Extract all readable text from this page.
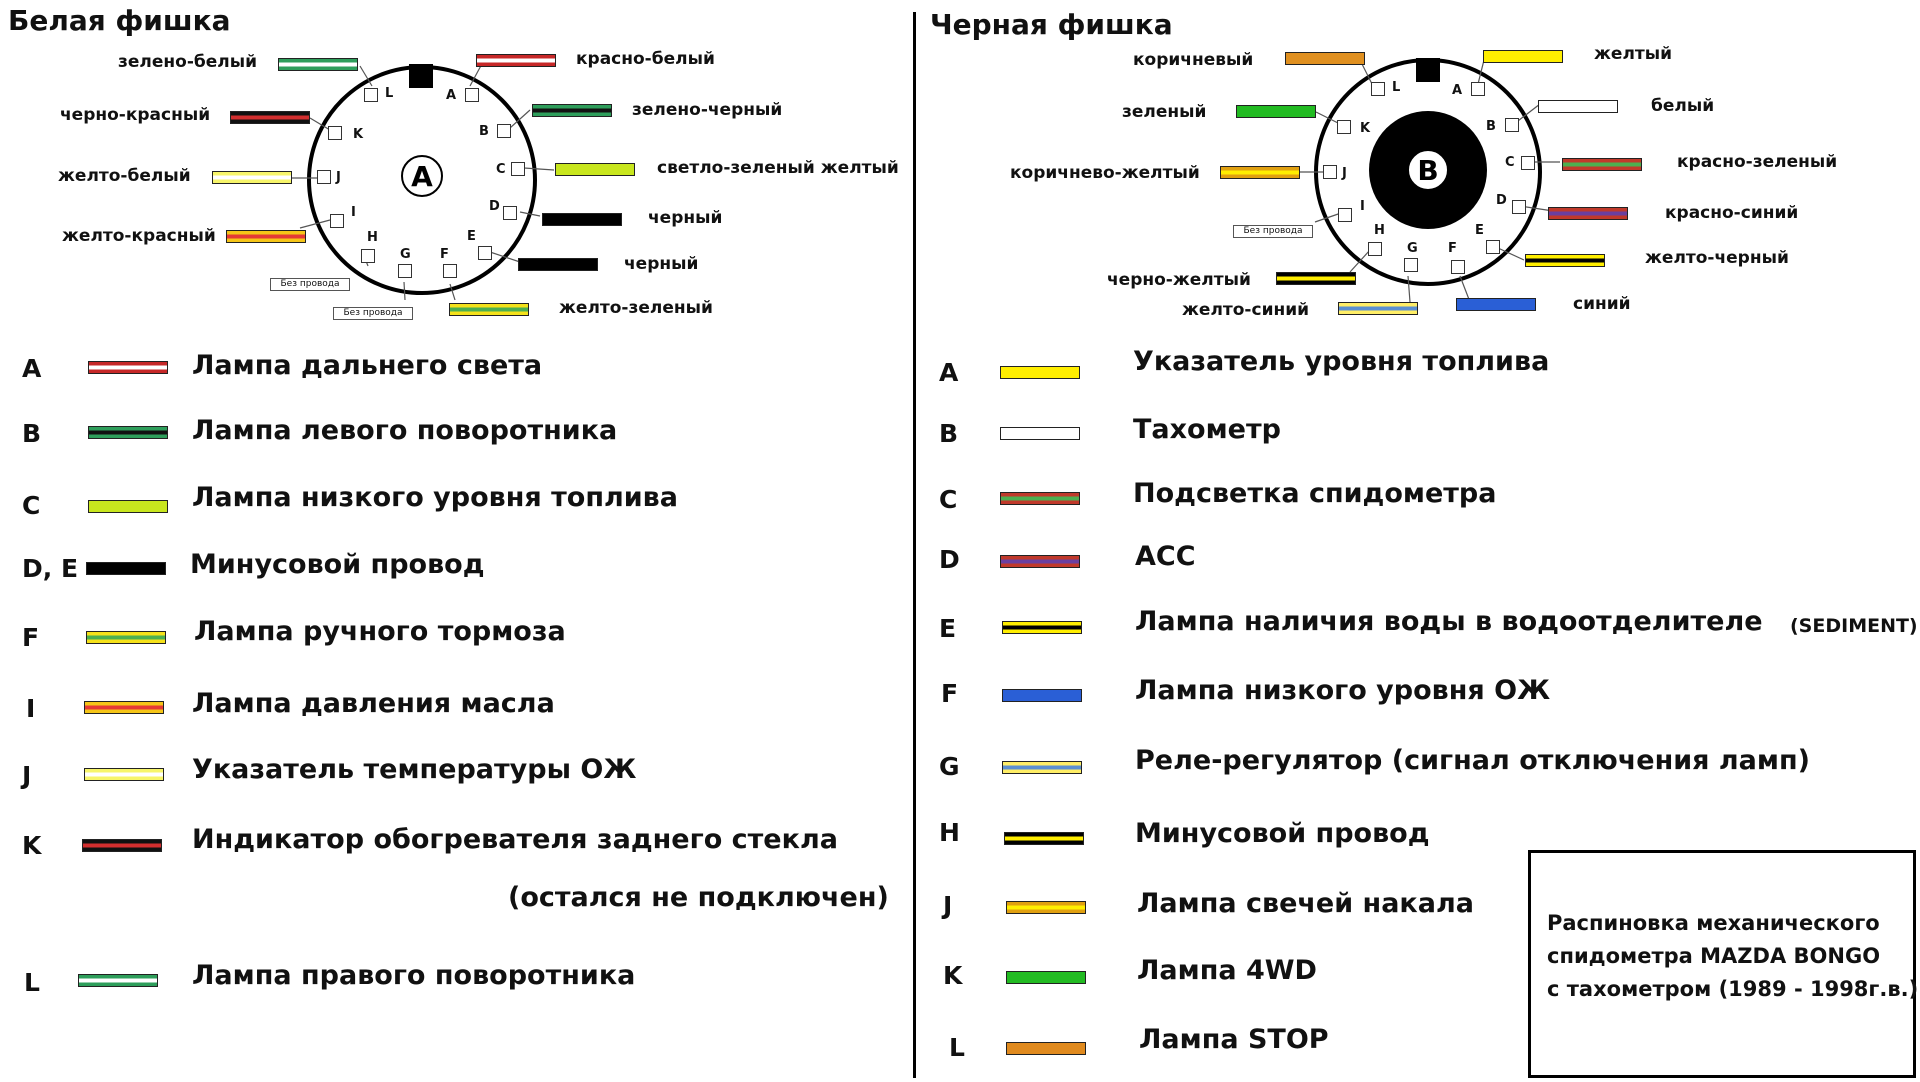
Белая фишка
A
L	A
K	B
C
J
I	D
H	E
G F
Без провода
Без провода
зелено-белый	красно-белый
черно-красный	зелено-черный
желто-белый	светло-зеленый желтый
желто-красный
черный
черный
желто-зеленый
A	Лампа дальнего света
B	Лампа левого поворотника
C	Лампа низкого уровня топлива
D, E	Минусовой провод
F	Лампа ручного тормоза
I	Лампа давления масла
J	Указатель температуры ОЖ
K	Индикатор обогревателя заднего стекла
(остался не подключен)
L	Лампа правого поворотника
Черная фишка
B
L	A
K	B
J
C
I	D
H	E
G F
Без провода
коричневый	желтый
зеленый	белый
коричнево-желтый
красно-зеленый
красно-синий
желто-черный
черно-желтый
желто-синий	синий
A	Указатель уровня топлива
B	Тахометр
C	Подсветка спидометра
D	ACC
E	Лампа наличия воды в водоотделителе (SEDIMENT)
F	Лампа низкого уровня ОЖ
G	Реле-регулятор (сигнал отключения ламп)
H	Минусовой провод
J	Лампа свечей накала
K	Лампа 4WD
L	Лампа STOP
Распиновка механического
спидометра MAZDA BONGO
с тахометром (1989 - 1998г.в.)
